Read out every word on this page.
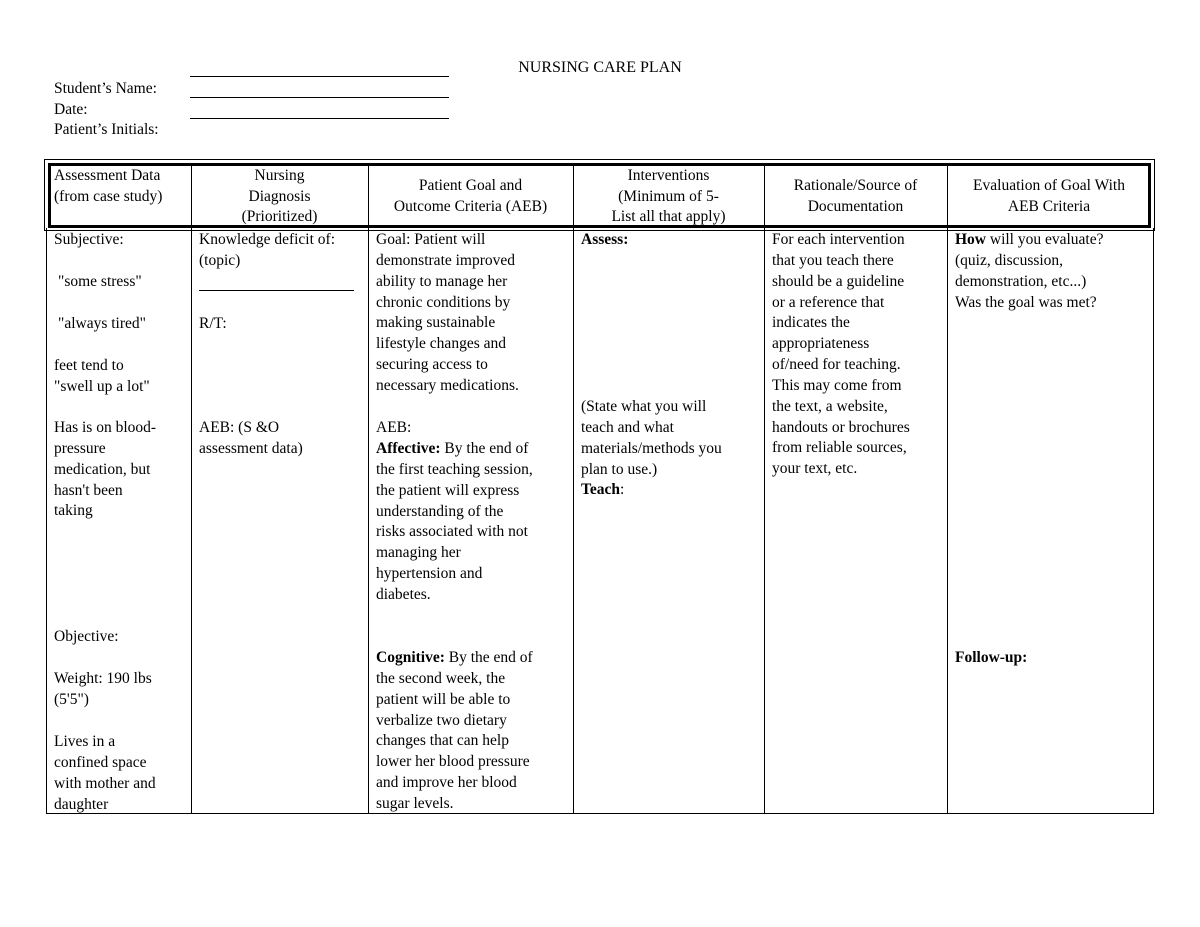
NURSING CARE PLAN
Student’s Name:
Date:
Patient’s Initials:
Assessment Data
(from case study)
Nursing
Diagnosis
(Prioritized)
Patient Goal and
Outcome Criteria (AEB)
Interventions
(Minimum of 5-
List all that apply)
Rationale/Source of
Documentation
Evaluation of Goal With
AEB Criteria
Subjective:
"some stress"
"always tired"
feet tend to
"swell up a lot"
Has is on blood-
pressure
medication, but
hasn't been
taking
Objective:
Weight: 190 lbs
(5'5")
Lives in a
confined space
with mother and
daughter
Knowledge deficit of:
(topic)
R/T:
AEB: (S &O
assessment data)
Goal: Patient will
demonstrate improved
ability to manage her
chronic conditions by
making sustainable
lifestyle changes and
securing access to
necessary medications.
AEB:
Affective: By the end of
the first teaching session,
the patient will express
understanding of the
risks associated with not
managing her
hypertension and
diabetes.
Cognitive: By the end of
the second week, the
patient will be able to
verbalize two dietary
changes that can help
lower her blood pressure
and improve her blood
sugar levels.
Assess:
(State what you will
teach and what
materials/methods you
plan to use.)
Teach:
For each intervention
that you teach there
should be a guideline
or a reference that
indicates the
appropriateness
of/need for teaching.
This may come from
the text, a website,
handouts or brochures
from reliable sources,
your text, etc.
How will you evaluate?
(quiz, discussion,
demonstration, etc...)
Was the goal was met?
Follow-up:
